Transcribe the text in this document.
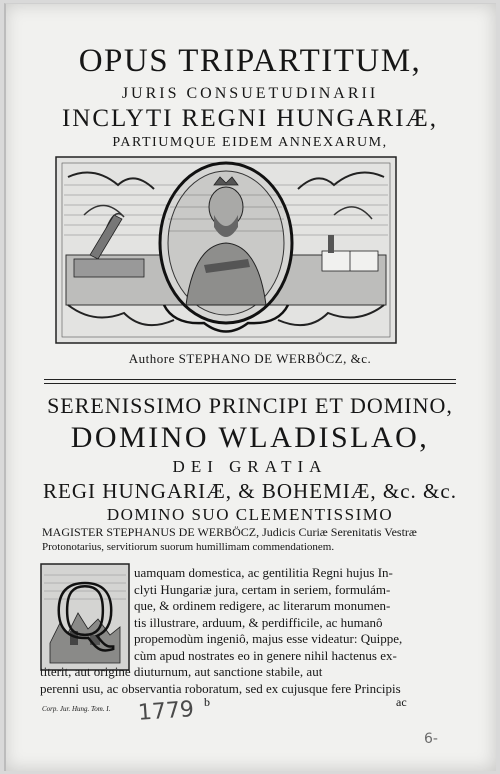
OPUS TRIPARTITUM,
JURIS CONSUETUDINARII
INCLYTI REGNI HUNGARIÆ,
PARTIUMQUE EIDEM ANNEXARUM,
Authore STEPHANO DE WERBÖCZ, &c.
SERENISSIMO PRINCIPI ET DOMINO,
DOMINO WLADISLAO,
DEI GRATIA
REGI HUNGARIÆ, & BOHEMIÆ, &c. &c.
DOMINO SUO CLEMENTISSIMO
MAGISTER STEPHANUS DE WERBÖCZ, Judicis Curiæ Serenitatis Vestræ
Protonotarius, servitiorum suorum humillimam commendationem.
Q uamquam domestica, ac gentilitia Regni hujus In-
clyti Hungariæ jura, certam in seriem, formulám-
que, & ordinem redigere, ac literarum monumen-
tis illustrare, arduum, & perdifficile, ac humanô
propemodùm ingeniô, majus esse videatur: Quippe,
cùm apud nostrates eo in genere nihil hactenus ex-
titerit, aut origine diuturnum, aut sanctione stabile, aut
perenni usu, ac observantia roboratum, sed ex cujusque fere Principis
Corp. Jur. Hung. Tom. I.	b	ac
1779
6-
